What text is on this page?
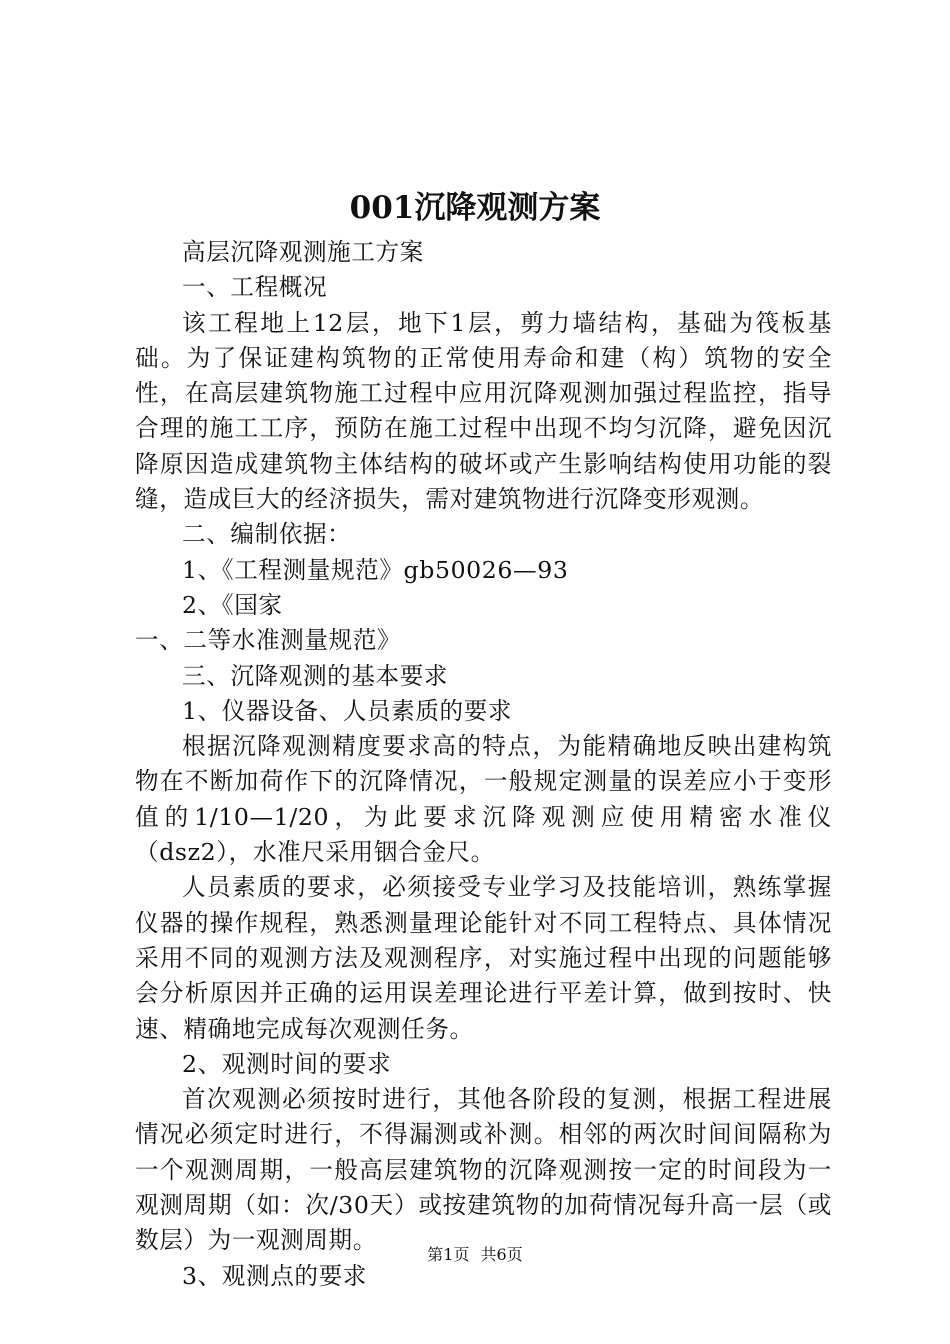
001沉降观测方案

高层沉降观测施工方案

一、工程概况

该工程地上12层，地下1层，剪力墙结构，基础为筏板基础。为了保证建构筑物的正常使用寿命和建（构）筑物的安全性，在高层建筑物施工过程中应用沉降观测加强过程监控，指导合理的施工工序，预防在施工过程中出现不均匀沉降，避免因沉降原因造成建筑物主体结构的破坏或产生影响结构使用功能的裂缝，造成巨大的经济损失，需对建筑物进行沉降变形观测。

二、编制依据：

1、《工程测量规范》gb50026—93

2、《国家

一、二等水准测量规范》

三、沉降观测的基本要求

1、仪器设备、人员素质的要求

根据沉降观测精度要求高的特点，为能精确地反映出建构筑物在不断加荷作下的沉降情况，一般规定测量的误差应小于变形值的1/10—1/20，为此要求沉降观测应使用精密水准仪（dsz2），水准尺采用铟合金尺。

人员素质的要求，必须接受专业学习及技能培训，熟练掌握仪器的操作规程，熟悉测量理论能针对不同工程特点、具体情况采用不同的观测方法及观测程序，对实施过程中出现的问题能够会分析原因并正确的运用误差理论进行平差计算，做到按时、快速、精确地完成每次观测任务。

2、观测时间的要求

首次观测必须按时进行，其他各阶段的复测，根据工程进展情况必须定时进行，不得漏测或补测。相邻的两次时间间隔称为一个观测周期，一般高层建筑物的沉降观测按一定的时间段为一观测周期（如：次/30天）或按建筑物的加荷情况每升高一层（或数层）为一观测周期。

3、观测点的要求

第1页 共6页
